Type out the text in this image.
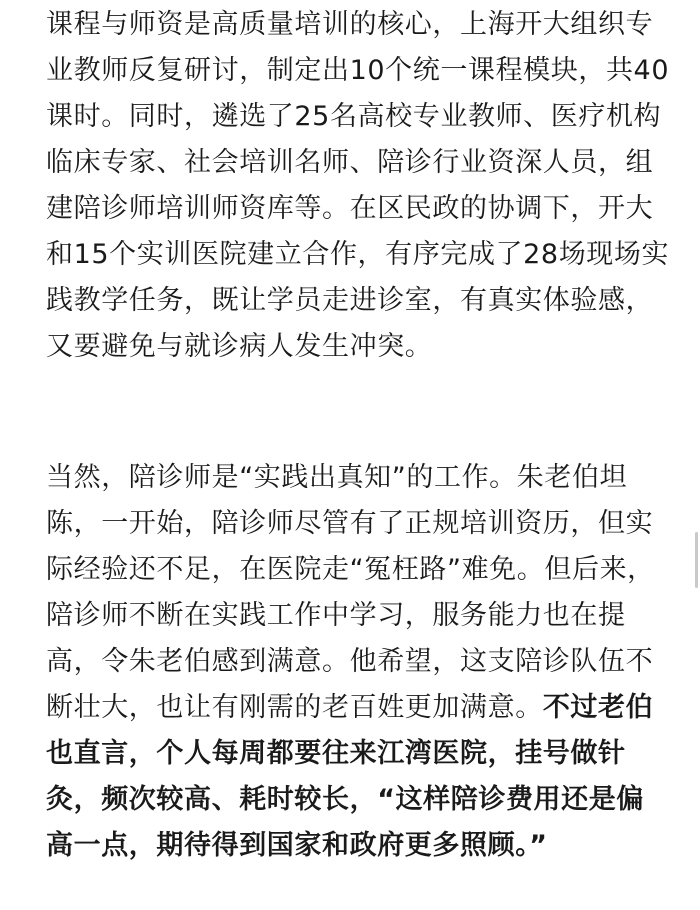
课程与师资是高质量培训的核心，上海开大组织专
业教师反复研讨，制定出10个统一课程模块，共40
课时。同时，遴选了25名高校专业教师、医疗机构
临床专家、社会培训名师、陪诊行业资深人员，组
建陪诊师培训师资库等。在区民政的协调下，开大
和15个实训医院建立合作，有序完成了28场现场实
践教学任务，既让学员走进诊室，有真实体验感，
又要避免与就诊病人发生冲突。
当然，陪诊师是“实践出真知”的工作。朱老伯坦
陈，一开始，陪诊师尽管有了正规培训资历，但实
际经验还不足，在医院走“冤枉路”难免。但后来，
陪诊师不断在实践工作中学习，服务能力也在提
高，令朱老伯感到满意。他希望，这支陪诊队伍不
断壮大，也让有刚需的老百姓更加满意。不过老伯
也直言，个人每周都要往来江湾医院，挂号做针
灸，频次较高、耗时较长，“这样陪诊费用还是偏
高一点，期待得到国家和政府更多照顾。”
